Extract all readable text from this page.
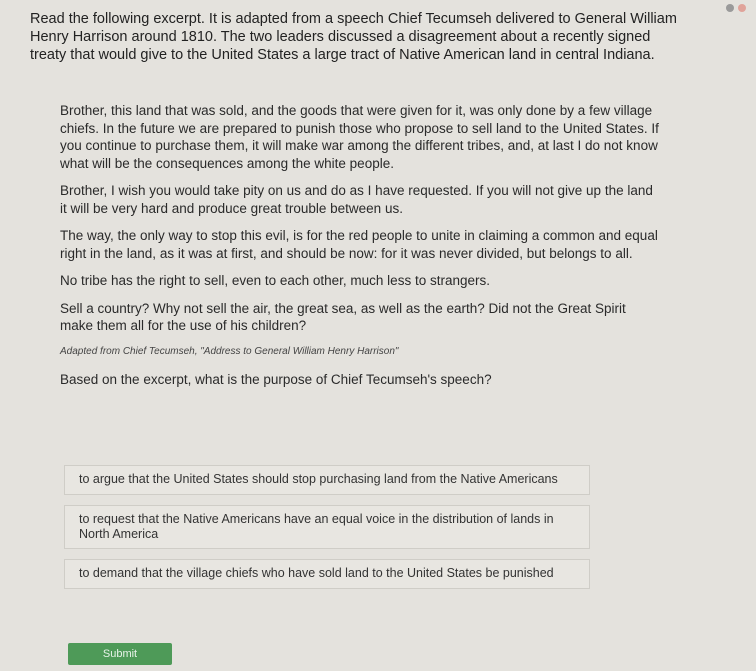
Read the following excerpt. It is adapted from a speech Chief Tecumseh delivered to General William Henry Harrison around 1810. The two leaders discussed a disagreement about a recently signed treaty that would give to the United States a large tract of Native American land in central Indiana.

Brother, this land that was sold, and the goods that were given for it, was only done by a few village chiefs. In the future we are prepared to punish those who propose to sell land to the United States. If you continue to purchase them, it will make war among the different tribes, and, at last I do not know what will be the consequences among the white people.

Brother, I wish you would take pity on us and do as I have requested. If you will not give up the land it will be very hard and produce great trouble between us.

The way, the only way to stop this evil, is for the red people to unite in claiming a common and equal right in the land, as it was at first, and should be now: for it was never divided, but belongs to all.

No tribe has the right to sell, even to each other, much less to strangers.

Sell a country? Why not sell the air, the great sea, as well as the earth? Did not the Great Spirit make them all for the use of his children?

Adapted from Chief Tecumseh, "Address to General William Henry Harrison"
Based on the excerpt, what is the purpose of Chief Tecumseh's speech?
to argue that the United States should stop purchasing land from the Native Americans
to request that the Native Americans have an equal voice in the distribution of lands in North America
to demand that the village chiefs who have sold land to the United States be punished
Submit
